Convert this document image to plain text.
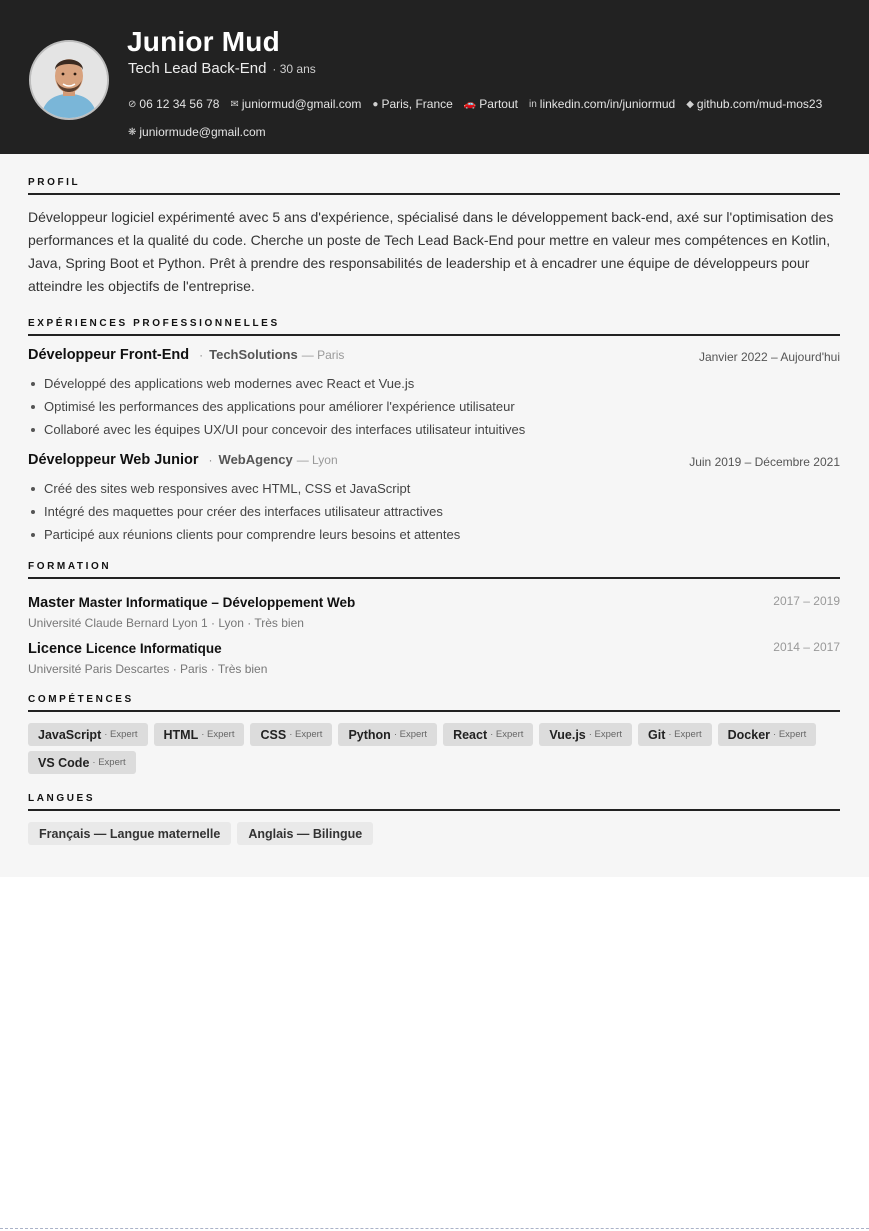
Junior Mud
Tech Lead Back-End · 30 ans
⊘ 06 12 34 56 78 ✉ juniormud@gmail.com ● Paris, France 🚗 Partout in linkedin.com/in/juniormud ◆ github.com/mud-mos23
❋ juniormude@gmail.com
PROFIL
Développeur logiciel expérimenté avec 5 ans d'expérience, spécialisé dans le développement back-end, axé sur l'optimisation des performances et la qualité du code. Cherche un poste de Tech Lead Back-End pour mettre en valeur mes compétences en Kotlin, Java, Spring Boot et Python. Prêt à prendre des responsabilités de leadership et à encadrer une équipe de développeurs pour atteindre les objectifs de l'entreprise.
EXPÉRIENCES PROFESSIONNELLES
Développeur Front-End · TechSolutions — Paris	Janvier 2022 – Aujourd'hui
Développé des applications web modernes avec React et Vue.js
Optimisé les performances des applications pour améliorer l'expérience utilisateur
Collaboré avec les équipes UX/UI pour concevoir des interfaces utilisateur intuitives
Développeur Web Junior · WebAgency — Lyon	Juin 2019 – Décembre 2021
Créé des sites web responsives avec HTML, CSS et JavaScript
Intégré des maquettes pour créer des interfaces utilisateur attractives
Participé aux réunions clients pour comprendre leurs besoins et attentes
FORMATION
Master Master Informatique – Développement Web
Université Claude Bernard Lyon 1 · Lyon · Très bien
2017 – 2019
Licence Licence Informatique
Université Paris Descartes · Paris · Très bien
2014 – 2017
COMPÉTENCES
JavaScript · Expert HTML · Expert CSS · Expert Python · Expert React · Expert Vue.js · Expert Git · Expert Docker · Expert
VS Code · Expert
LANGUES
Français — Langue maternelle	Anglais — Bilingue
